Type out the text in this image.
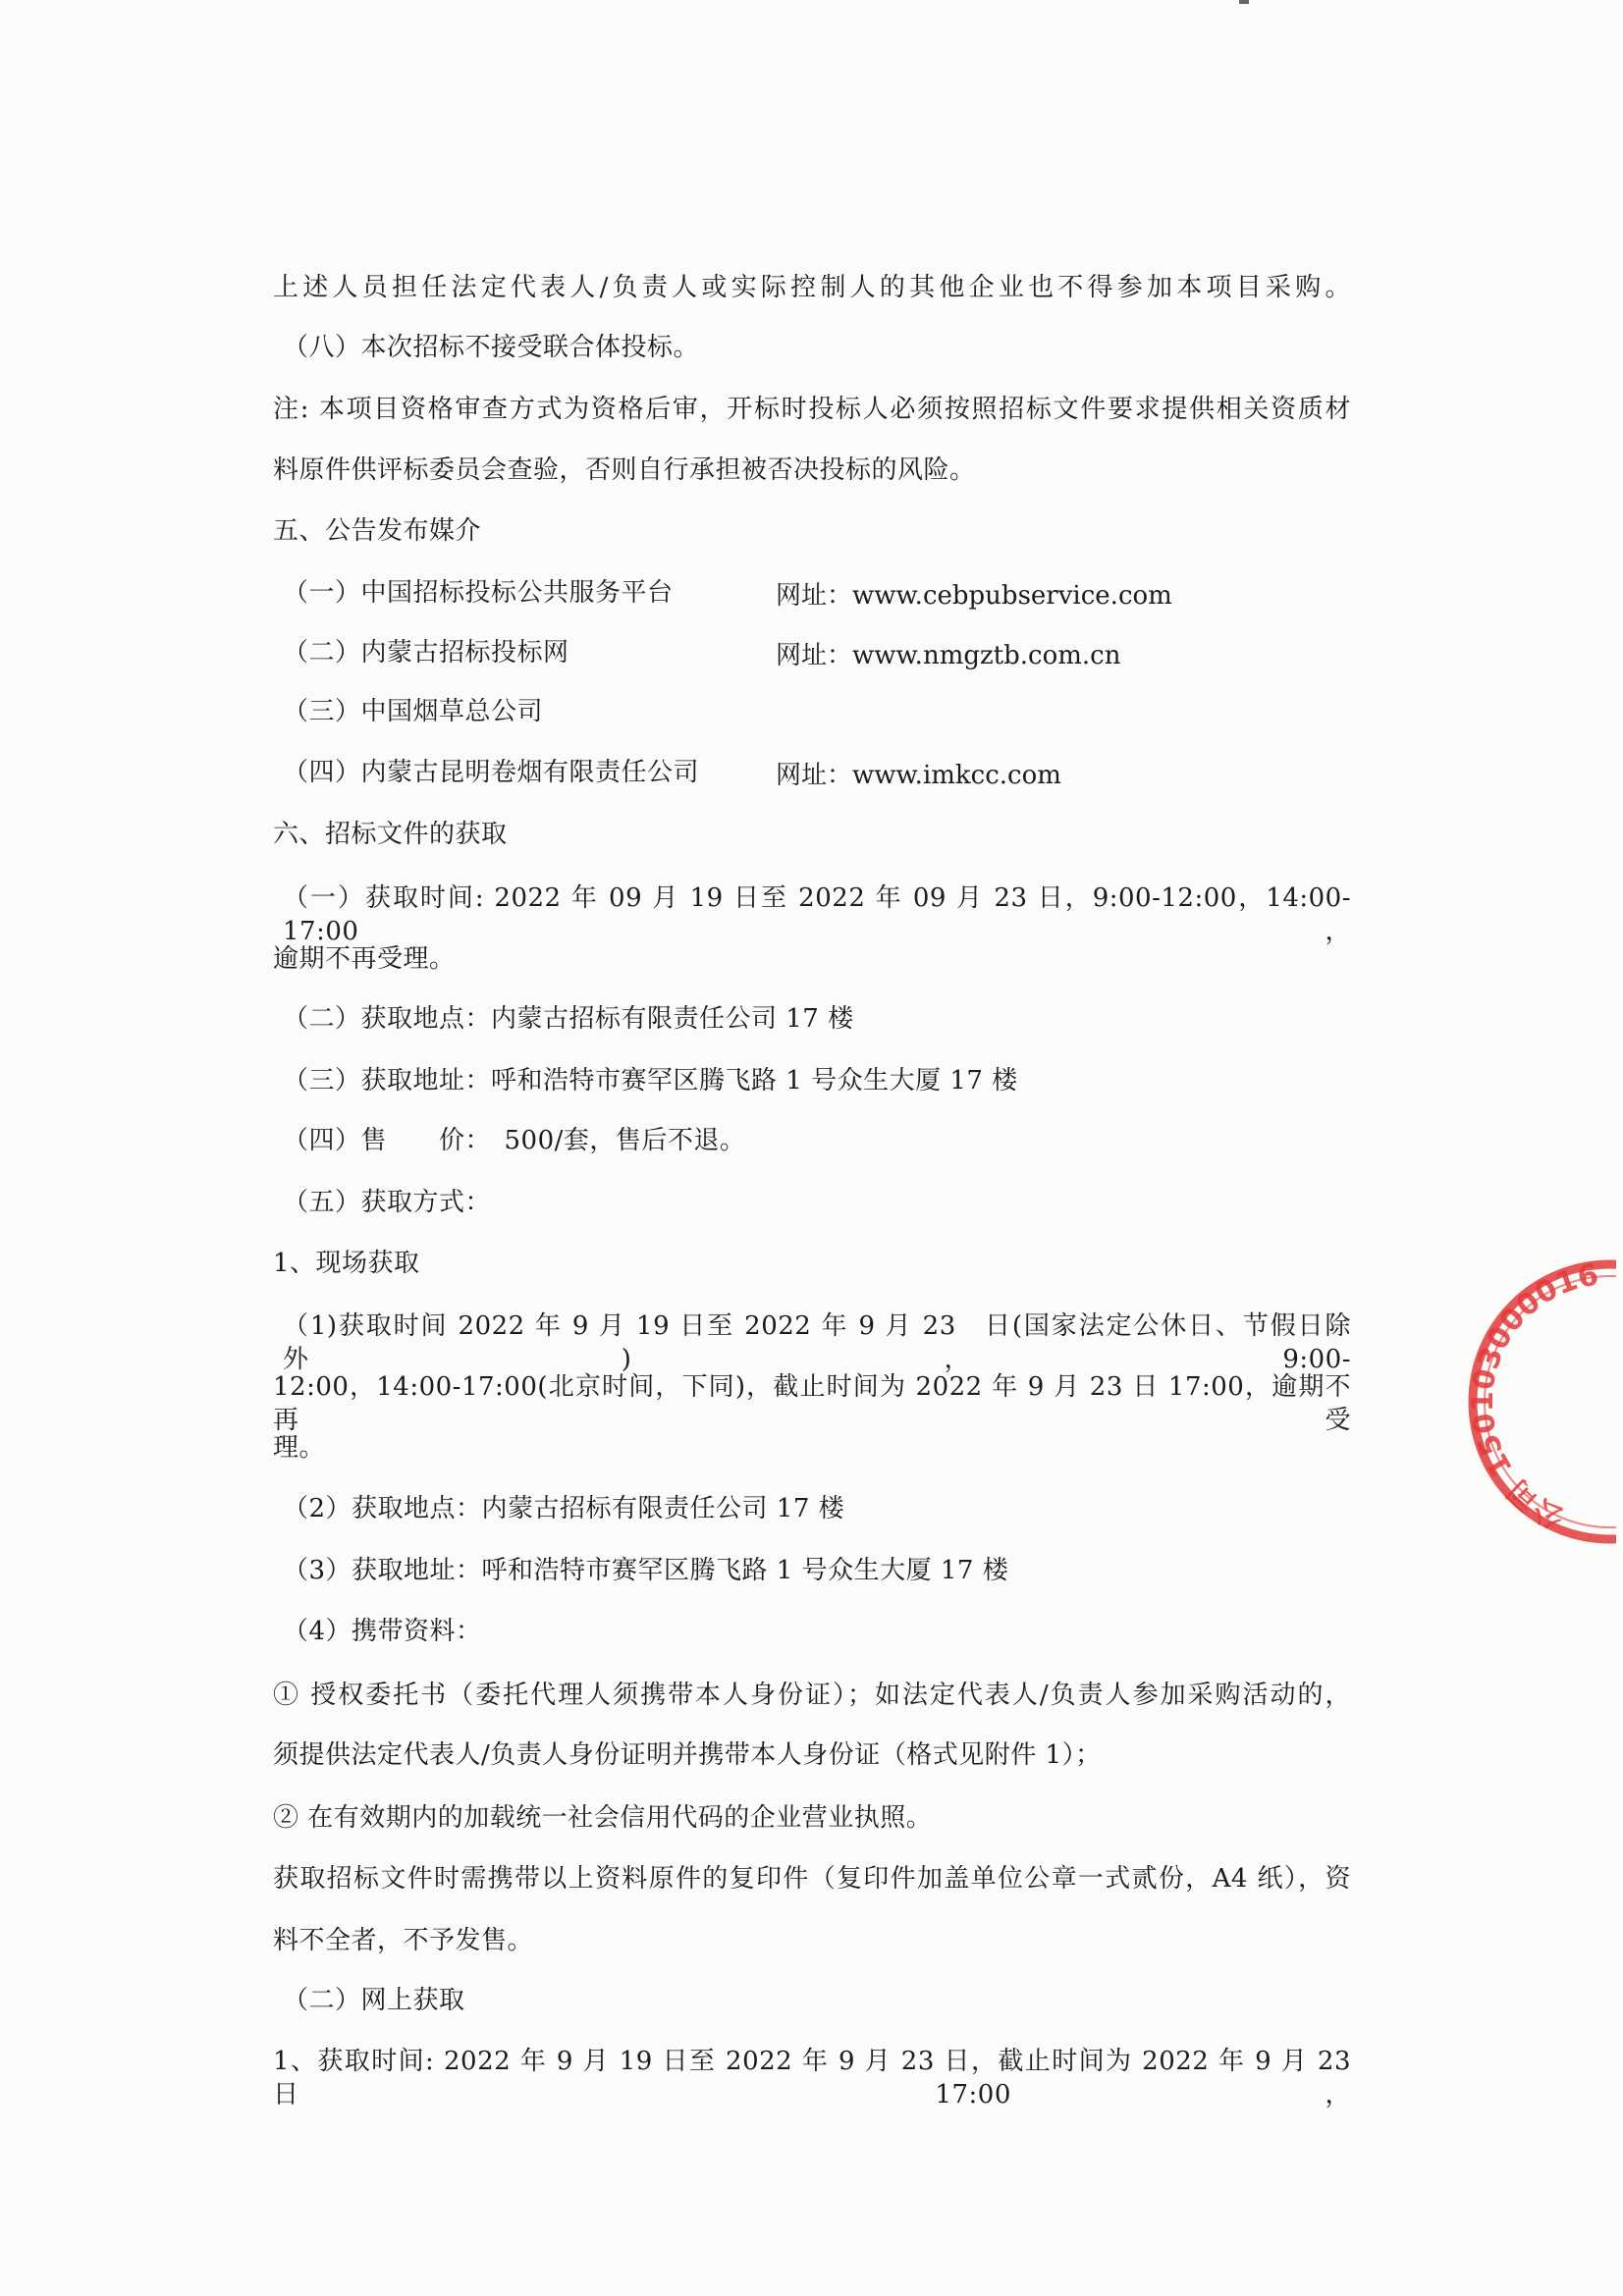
上述人员担任法定代表人/负责人或实际控制人的其他企业也不得参加本项目采购。
（八）本次招标不接受联合体投标。
注: 本项目资格审查方式为资格后审，开标时投标人必须按照招标文件要求提供相关资质材
料原件供评标委员会查验，否则自行承担被否决投标的风险。
五、公告发布媒介
（一）中国招标投标公共服务平台	网址：www.cebpubservice.com
（二）内蒙古招标投标网	网址：www.nmgztb.com.cn
（三）中国烟草总公司
（四）内蒙古昆明卷烟有限责任公司	网址：www.imkcc.com
六、招标文件的获取
（一）获取时间: 2022 年 09 月 19 日至 2022 年 09 月 23 日，9:00-12:00，14:00-17:00，
逾期不再受理。
（二）获取地点：内蒙古招标有限责任公司 17 楼
（三）获取地址：呼和浩特市赛罕区腾飞路 1 号众生大厦 17 楼
（四）售　　价：　500/套，售后不退。
（五）获取方式：
1、现场获取
（1)获取时间 2022 年 9 月 19 日至 2022 年 9 月 23　日(国家法定公休日、节假日除外)，9:00-
12:00，14:00-17:00(北京时间，下同)，截止时间为 2022 年 9 月 23 日 17:00，逾期不再受
理。
（2）获取地点：内蒙古招标有限责任公司 17 楼
（3）获取地址：呼和浩特市赛罕区腾飞路 1 号众生大厦 17 楼
（4）携带资料：
① 授权委托书（委托代理人须携带本人身份证）；如法定代表人/负责人参加采购活动的，
须提供法定代表人/负责人身份证明并携带本人身份证（格式见附件 1）；
② 在有效期内的加载统一社会信用代码的企业营业执照。
获取招标文件时需携带以上资料原件的复印件（复印件加盖单位公章一式贰份，A4 纸），资
料不全者，不予发售。
（二）网上获取
1、获取时间: 2022 年 9 月 19 日至 2022 年 9 月 23 日，截止时间为 2022 年 9 月 23 日 17:00，
公司 150103000016
